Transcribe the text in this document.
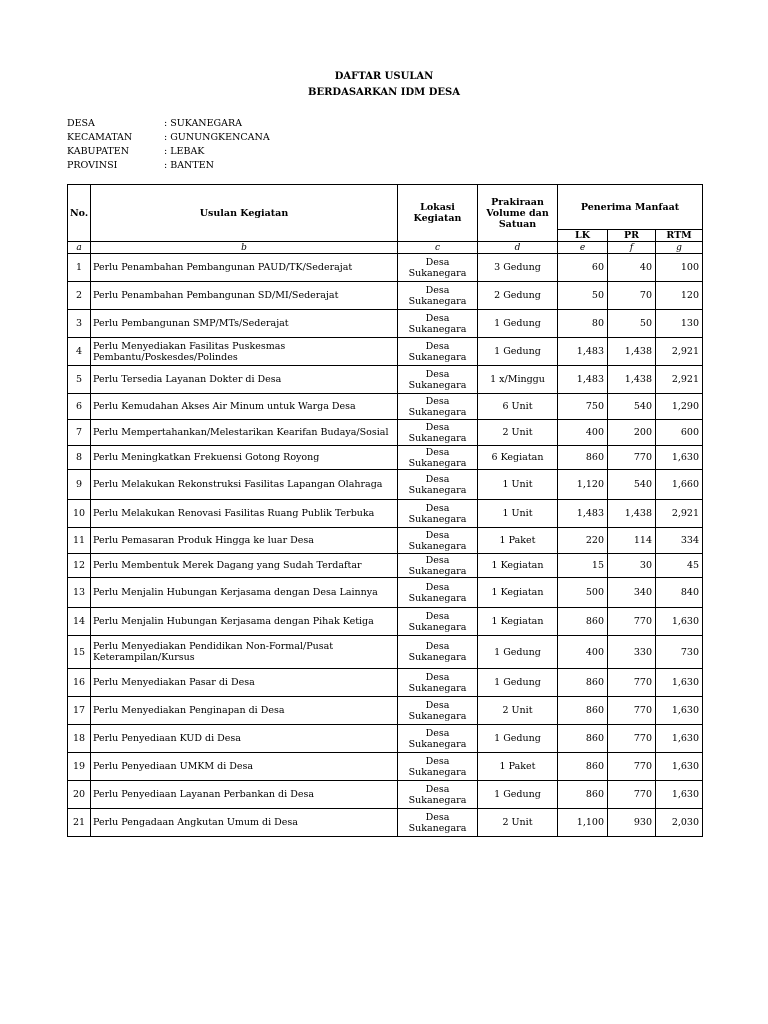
DAFTAR USULAN
BERDASARKAN IDM DESA
DESA	: SUKANEGARA
KECAMATAN	: GUNUNGKENCANA
KABUPATEN	: LEBAK
PROVINSI	: BANTEN
No.	Usulan Kegiatan	Lokasi Kegiatan	Prakiraan Volume dan Satuan	Penerima Manfaat		
				LK	PR	RTM
a	b	c	d	e	f	g
1	Perlu Penambahan Pembangunan PAUD/TK/Sederajat	Desa Sukanegara	3 Gedung	60	40	100
2	Perlu Penambahan Pembangunan SD/MI/Sederajat	Desa Sukanegara	2 Gedung	50	70	120
3	Perlu Pembangunan SMP/MTs/Sederajat	Desa Sukanegara	1 Gedung	80	50	130
4	Perlu Menyediakan Fasilitas Puskesmas Pembantu/Poskesdes/Polindes	Desa Sukanegara	1 Gedung	1,483	1,438	2,921
5	Perlu Tersedia Layanan Dokter di Desa	Desa Sukanegara	1 x/Minggu	1,483	1,438	2,921
6	Perlu Kemudahan Akses Air Minum untuk Warga Desa	Desa Sukanegara	6 Unit	750	540	1,290
7	Perlu Mempertahankan/Melestarikan Kearifan Budaya/Sosial	Desa Sukanegara	2 Unit	400	200	600
8	Perlu Meningkatkan Frekuensi Gotong Royong	Desa Sukanegara	6 Kegiatan	860	770	1,630
9	Perlu Melakukan Rekonstruksi Fasilitas Lapangan Olahraga	Desa Sukanegara	1 Unit	1,120	540	1,660
10	Perlu Melakukan Renovasi Fasilitas Ruang Publik Terbuka	Desa Sukanegara	1 Unit	1,483	1,438	2,921
11	Perlu Pemasaran Produk Hingga ke luar Desa	Desa Sukanegara	1 Paket	220	114	334
12	Perlu Membentuk Merek Dagang yang Sudah Terdaftar	Desa Sukanegara	1 Kegiatan	15	30	45
13	Perlu Menjalin Hubungan Kerjasama dengan Desa Lainnya	Desa Sukanegara	1 Kegiatan	500	340	840
14	Perlu Menjalin Hubungan Kerjasama dengan Pihak Ketiga	Desa Sukanegara	1 Kegiatan	860	770	1,630
15	Perlu Menyediakan Pendidikan Non-Formal/Pusat Keterampilan/Kursus	Desa Sukanegara	1 Gedung	400	330	730
16	Perlu Menyediakan Pasar di Desa	Desa Sukanegara	1 Gedung	860	770	1,630
17	Perlu Menyediakan Penginapan di Desa	Desa Sukanegara	2 Unit	860	770	1,630
18	Perlu Penyediaan KUD di Desa	Desa Sukanegara	1 Gedung	860	770	1,630
19	Perlu Penyediaan UMKM di Desa	Desa Sukanegara	1 Paket	860	770	1,630
20	Perlu Penyediaan Layanan Perbankan di Desa	Desa Sukanegara	1 Gedung	860	770	1,630
21	Perlu Pengadaan Angkutan Umum di Desa	Desa Sukanegara	2 Unit	1,100	930	2,030
